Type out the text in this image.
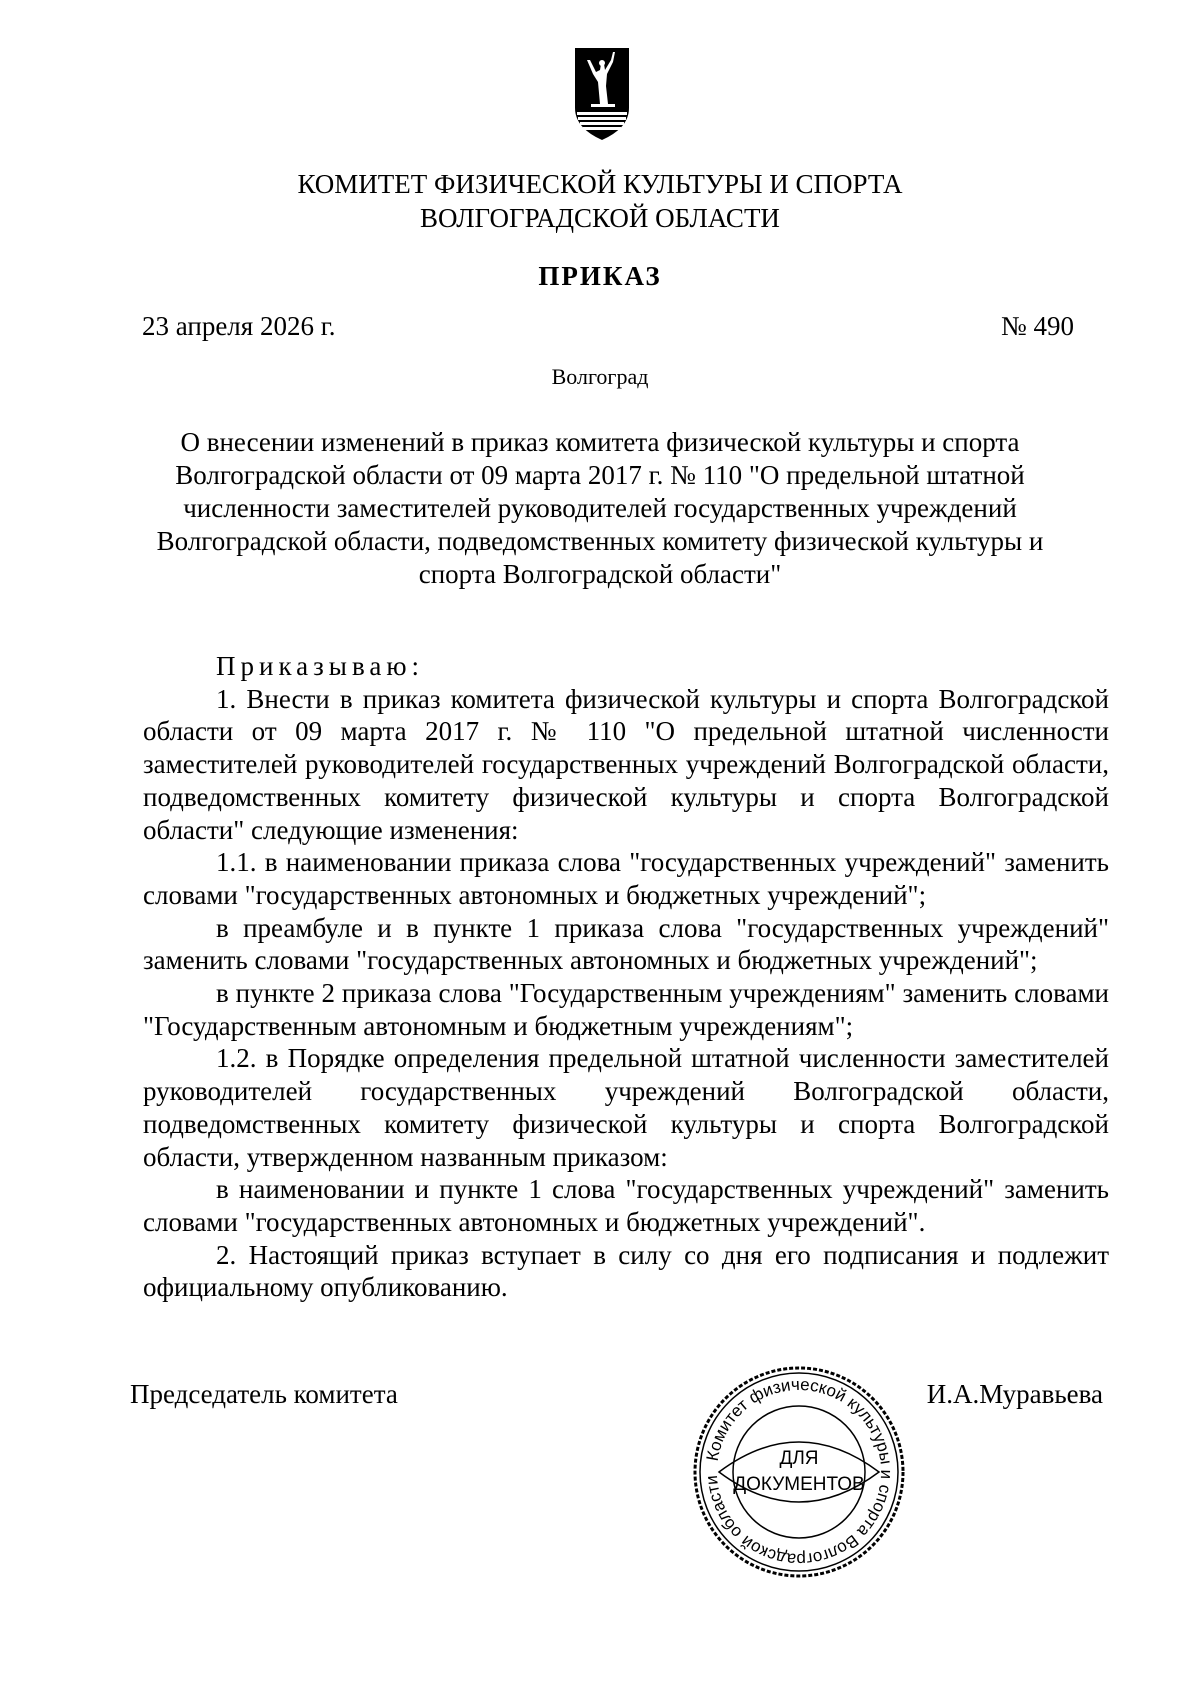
КОМИТЕТ ФИЗИЧЕСКОЙ КУЛЬТУРЫ И СПОРТА
ВОЛГОГРАДСКОЙ ОБЛАСТИ
ПРИКАЗ
23 апреля 2026 г.	№ 490
Волгоград
О внесении изменений в приказ комитета физической культуры и спорта Волгоградской области от 09 марта 2017 г. № 110 "О предельной штатной численности заместителей руководителей государственных учреждений Волгоградской области, подведомственных комитету физической культуры и спорта Волгоградской области"

Приказываю:

1. Внести в приказ комитета физической культуры и спорта Волгоградской области от 09 марта 2017 г. № 110 "О предельной штатной численности заместителей руководителей государственных учреждений Волгоградской области, подведомственных комитету физической культуры и спорта Волгоградской области" следующие изменения:

1.1. в наименовании приказа слова "государственных учреждений" заменить словами "государственных автономных и бюджетных учреждений";

в преамбуле и в пункте 1 приказа слова "государственных учреждений" заменить словами "государственных автономных и бюджетных учреждений";

в пункте 2 приказа слова "Государственным учреждениям" заменить словами "Государственным автономным и бюджетным учреждениям";

1.2. в Порядке определения предельной штатной численности заместителей руководителей государственных учреждений Волгоградской области, подведомственных комитету физической культуры и спорта Волгоградской области, утвержденном названным приказом:

в наименовании и пункте 1 слова "государственных учреждений" заменить словами "государственных автономных и бюджетных учреждений".

2. Настоящий приказ вступает в силу со дня его подписания и подлежит официальному опубликованию.

Председатель комитета	И.А.Муравьева
Комитет физической культуры и спорта Волгоградской области
ДЛЯ
ДОКУМЕНТОВ
